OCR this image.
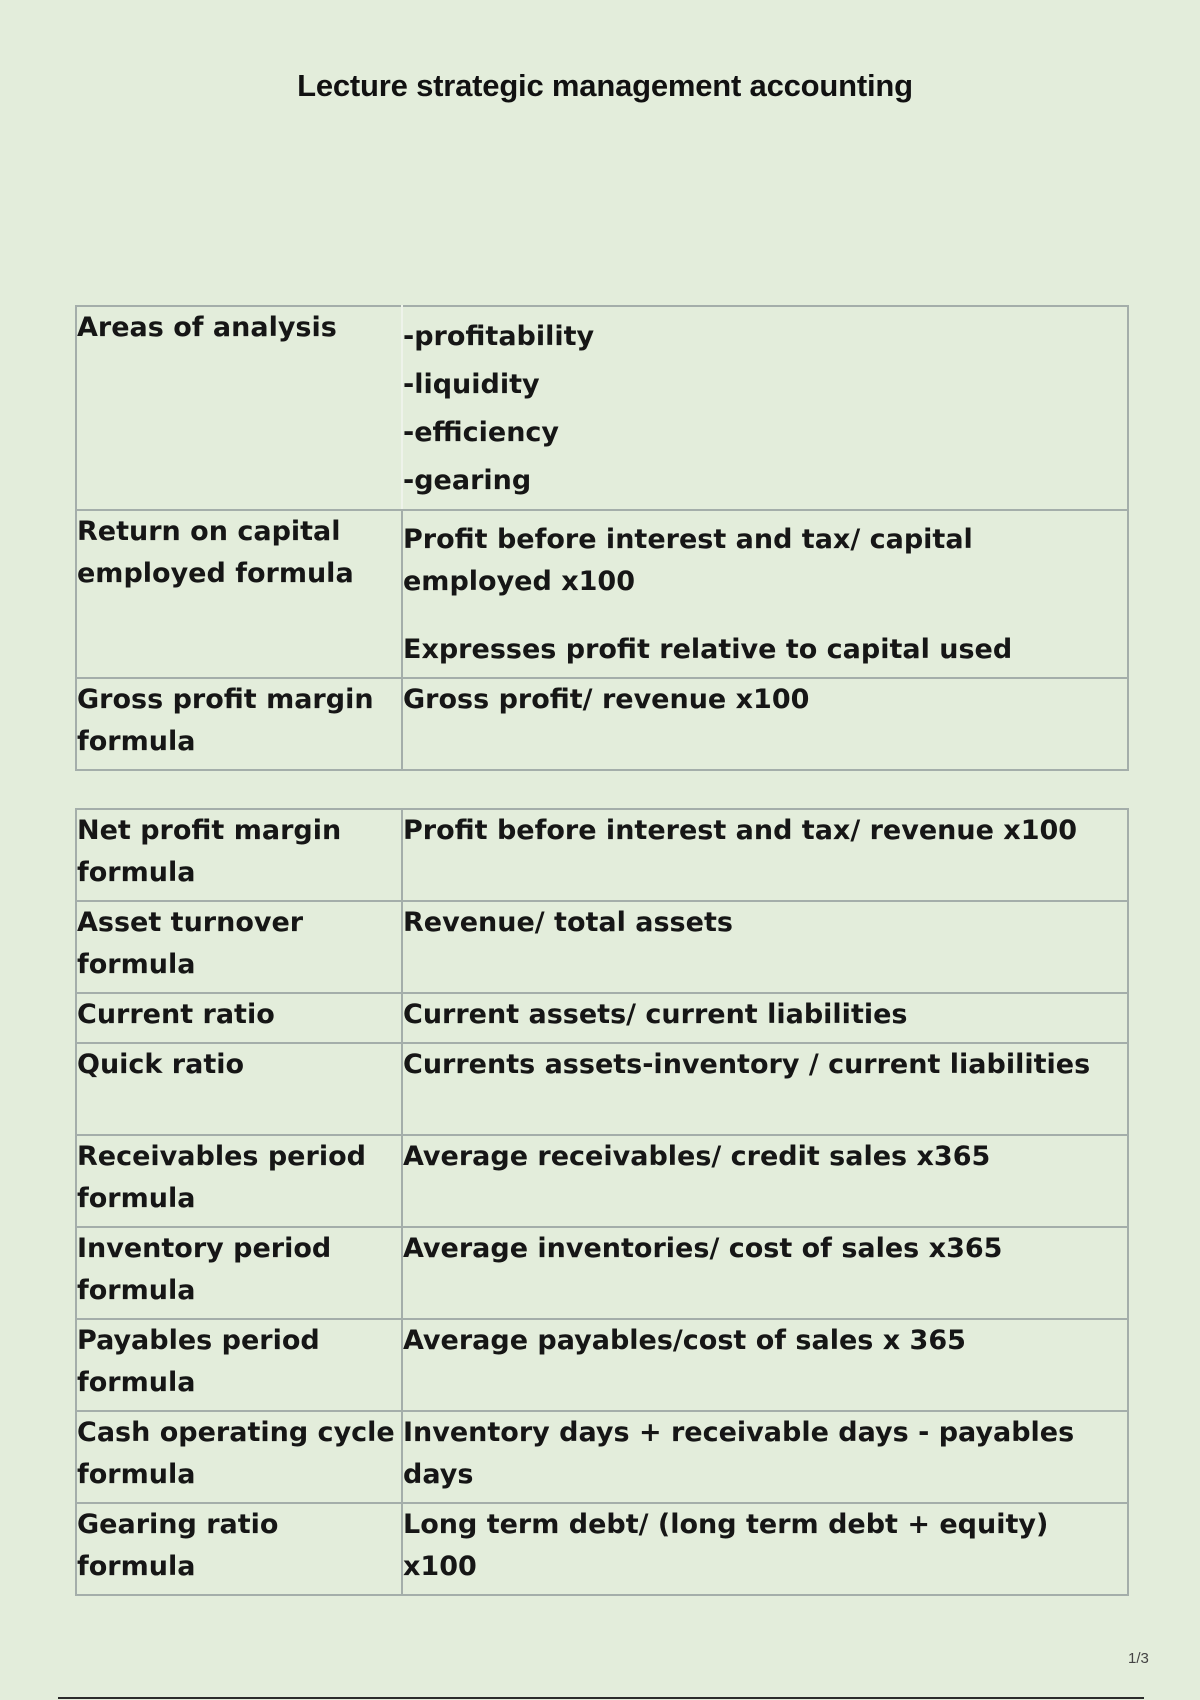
Lecture strategic management accounting
Areas of analysis	-profitability
-liquidity
-efficiency
-gearing

Return on capital employed formula	Profit before interest and tax/ capital employed x100
Expresses profit relative to capital used

Gross profit margin formula	Gross profit/ revenue x100
Net profit margin formula	Profit before interest and tax/ revenue x100
Asset turnover formula	Revenue/ total assets
Current ratio	Current assets/ current liabilities
Quick ratio	Currents assets-inventory / current liabilities
Receivables period formula	Average receivables/ credit sales x365
Inventory period formula	Average inventories/ cost of sales x365
Payables period formula	Average payables/cost of sales x 365
Cash operating cycle formula	Inventory days + receivable days - payables days
Gearing ratio formula	Long term debt/ (long term debt + equity) x100
1/3
